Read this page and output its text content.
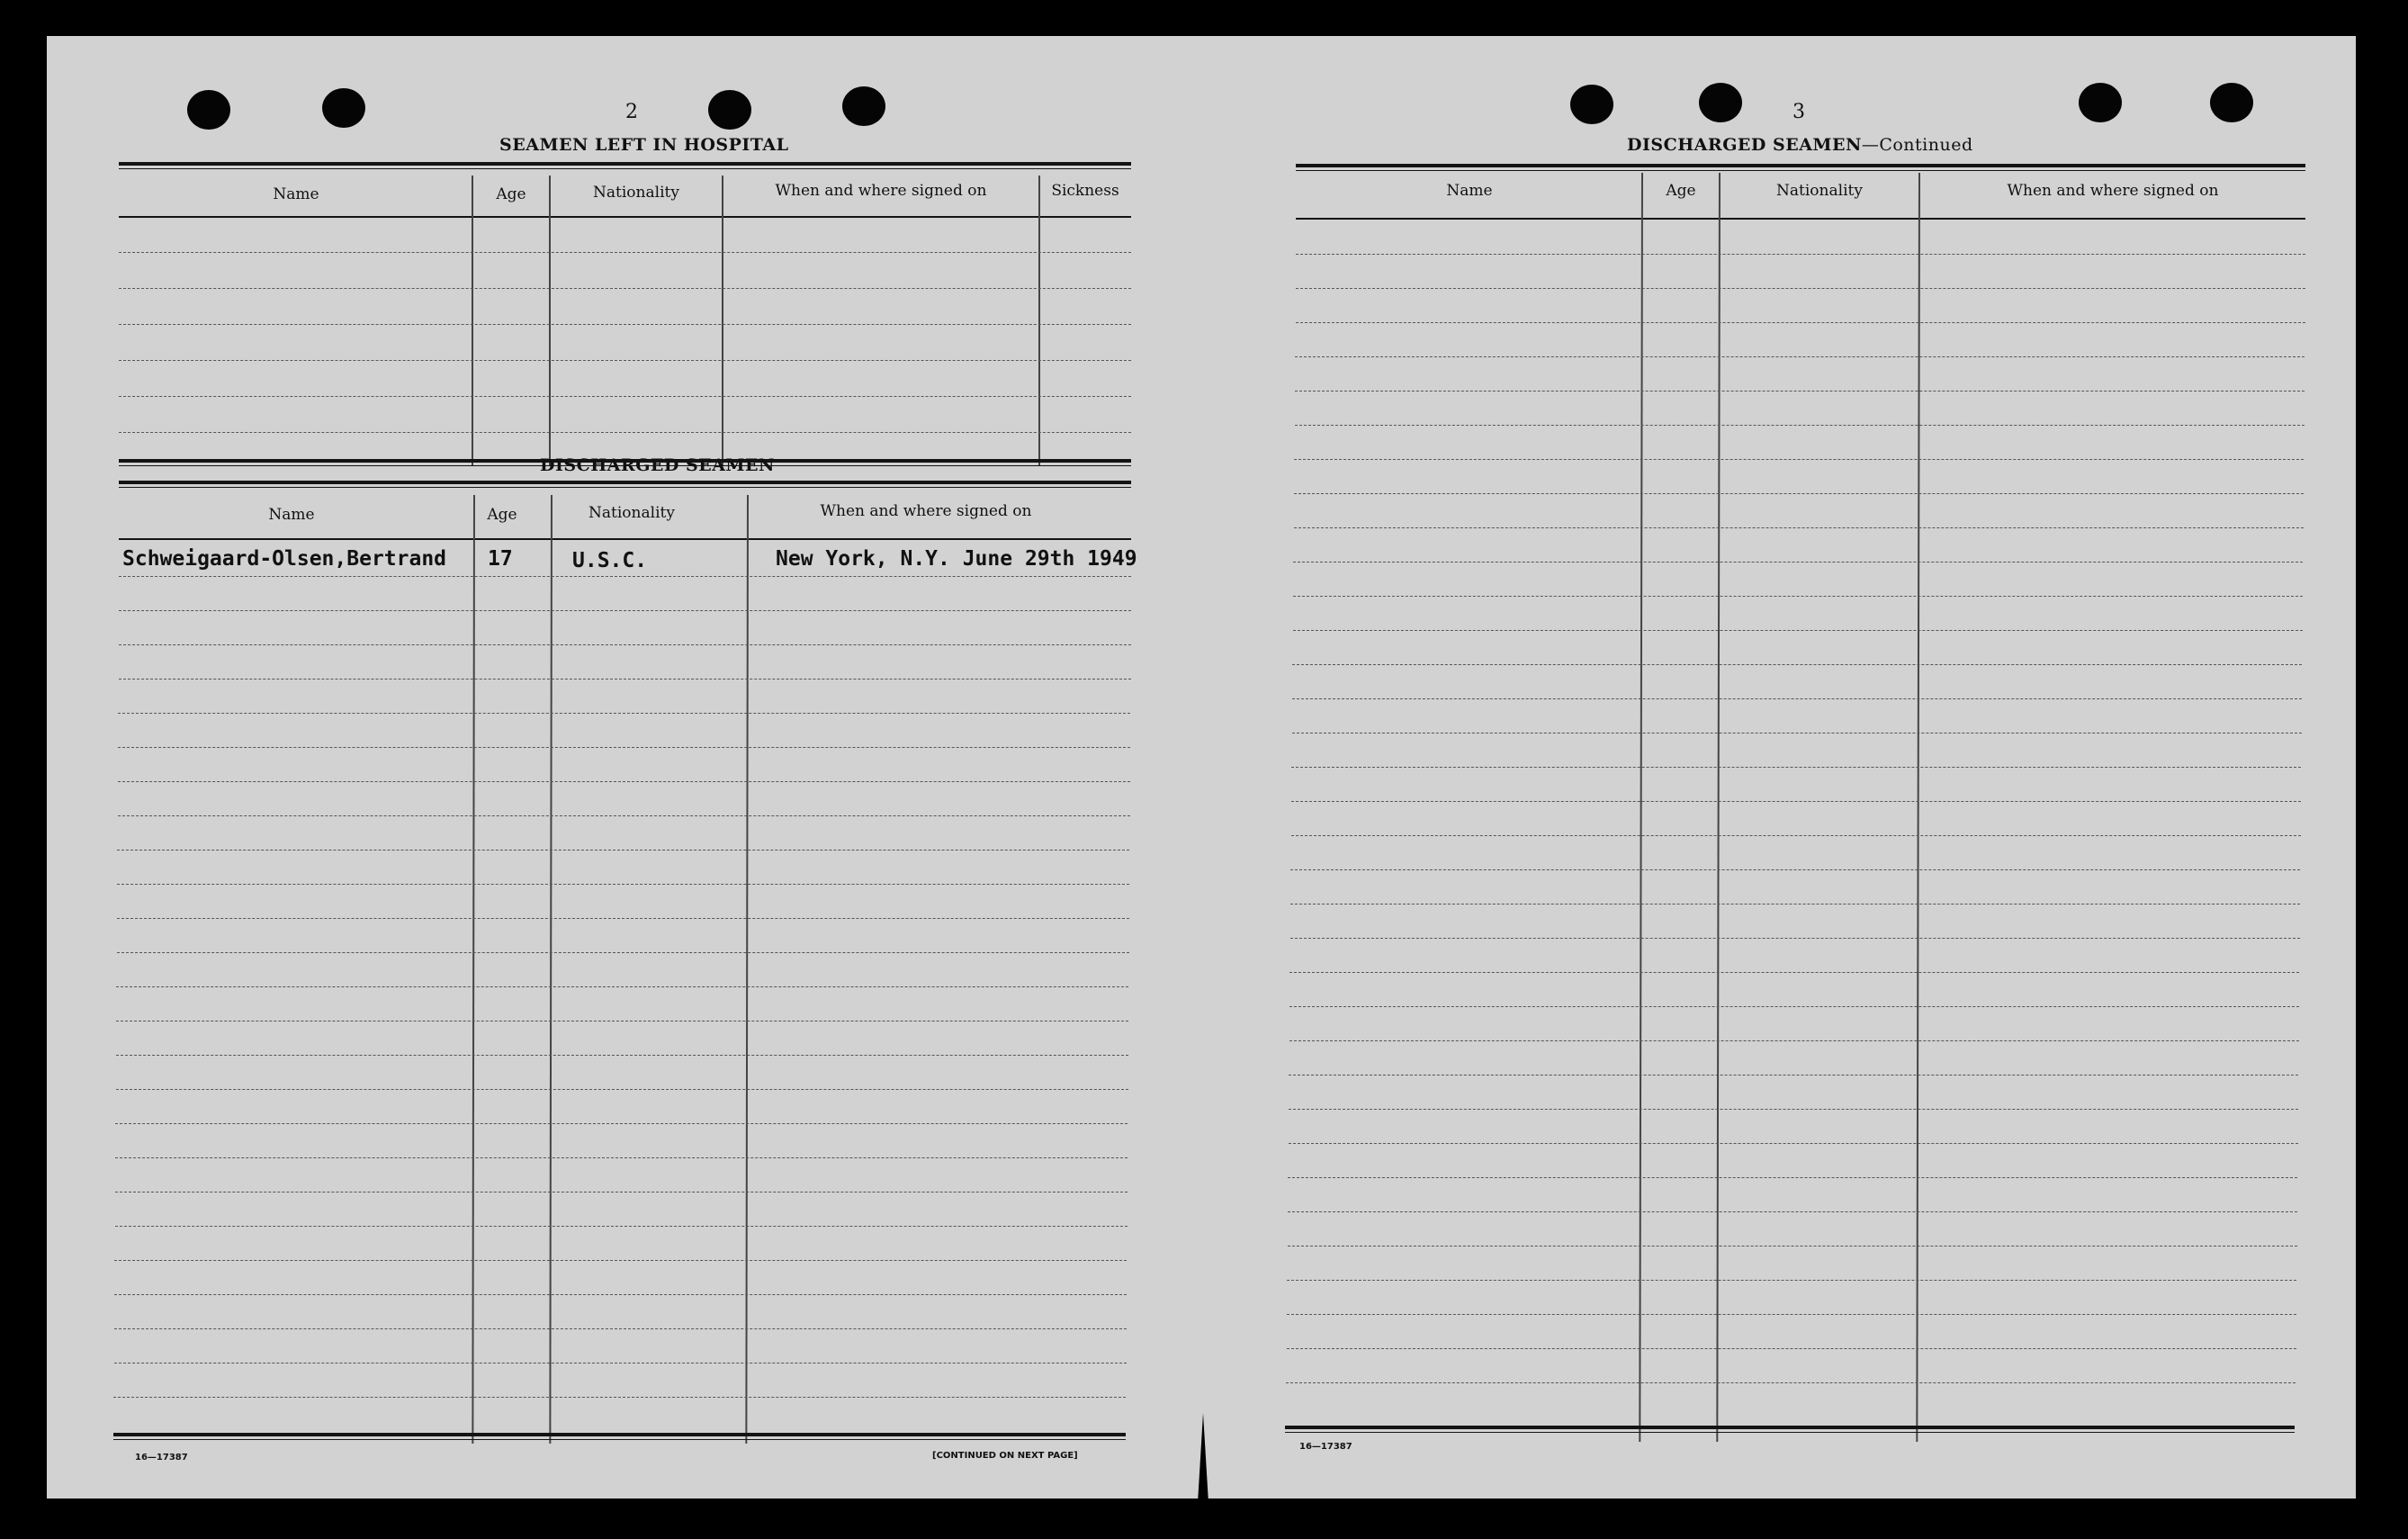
2
SEAMEN LEFT IN HOSPITAL
Name	Age	Nationality	When and where signed on	Sickness
DISCHARGED SEAMEN
Name	Age	Nationality	When and where signed on
Schweigaard-Olsen,Bertrand 17	U.S.C.	New York, N.Y. June 29th 1949
16—17387	[CONTINUED ON NEXT PAGE]
3
DISCHARGED SEAMEN—Continued
Name	Age	Nationality	When and where signed on
16—17387
